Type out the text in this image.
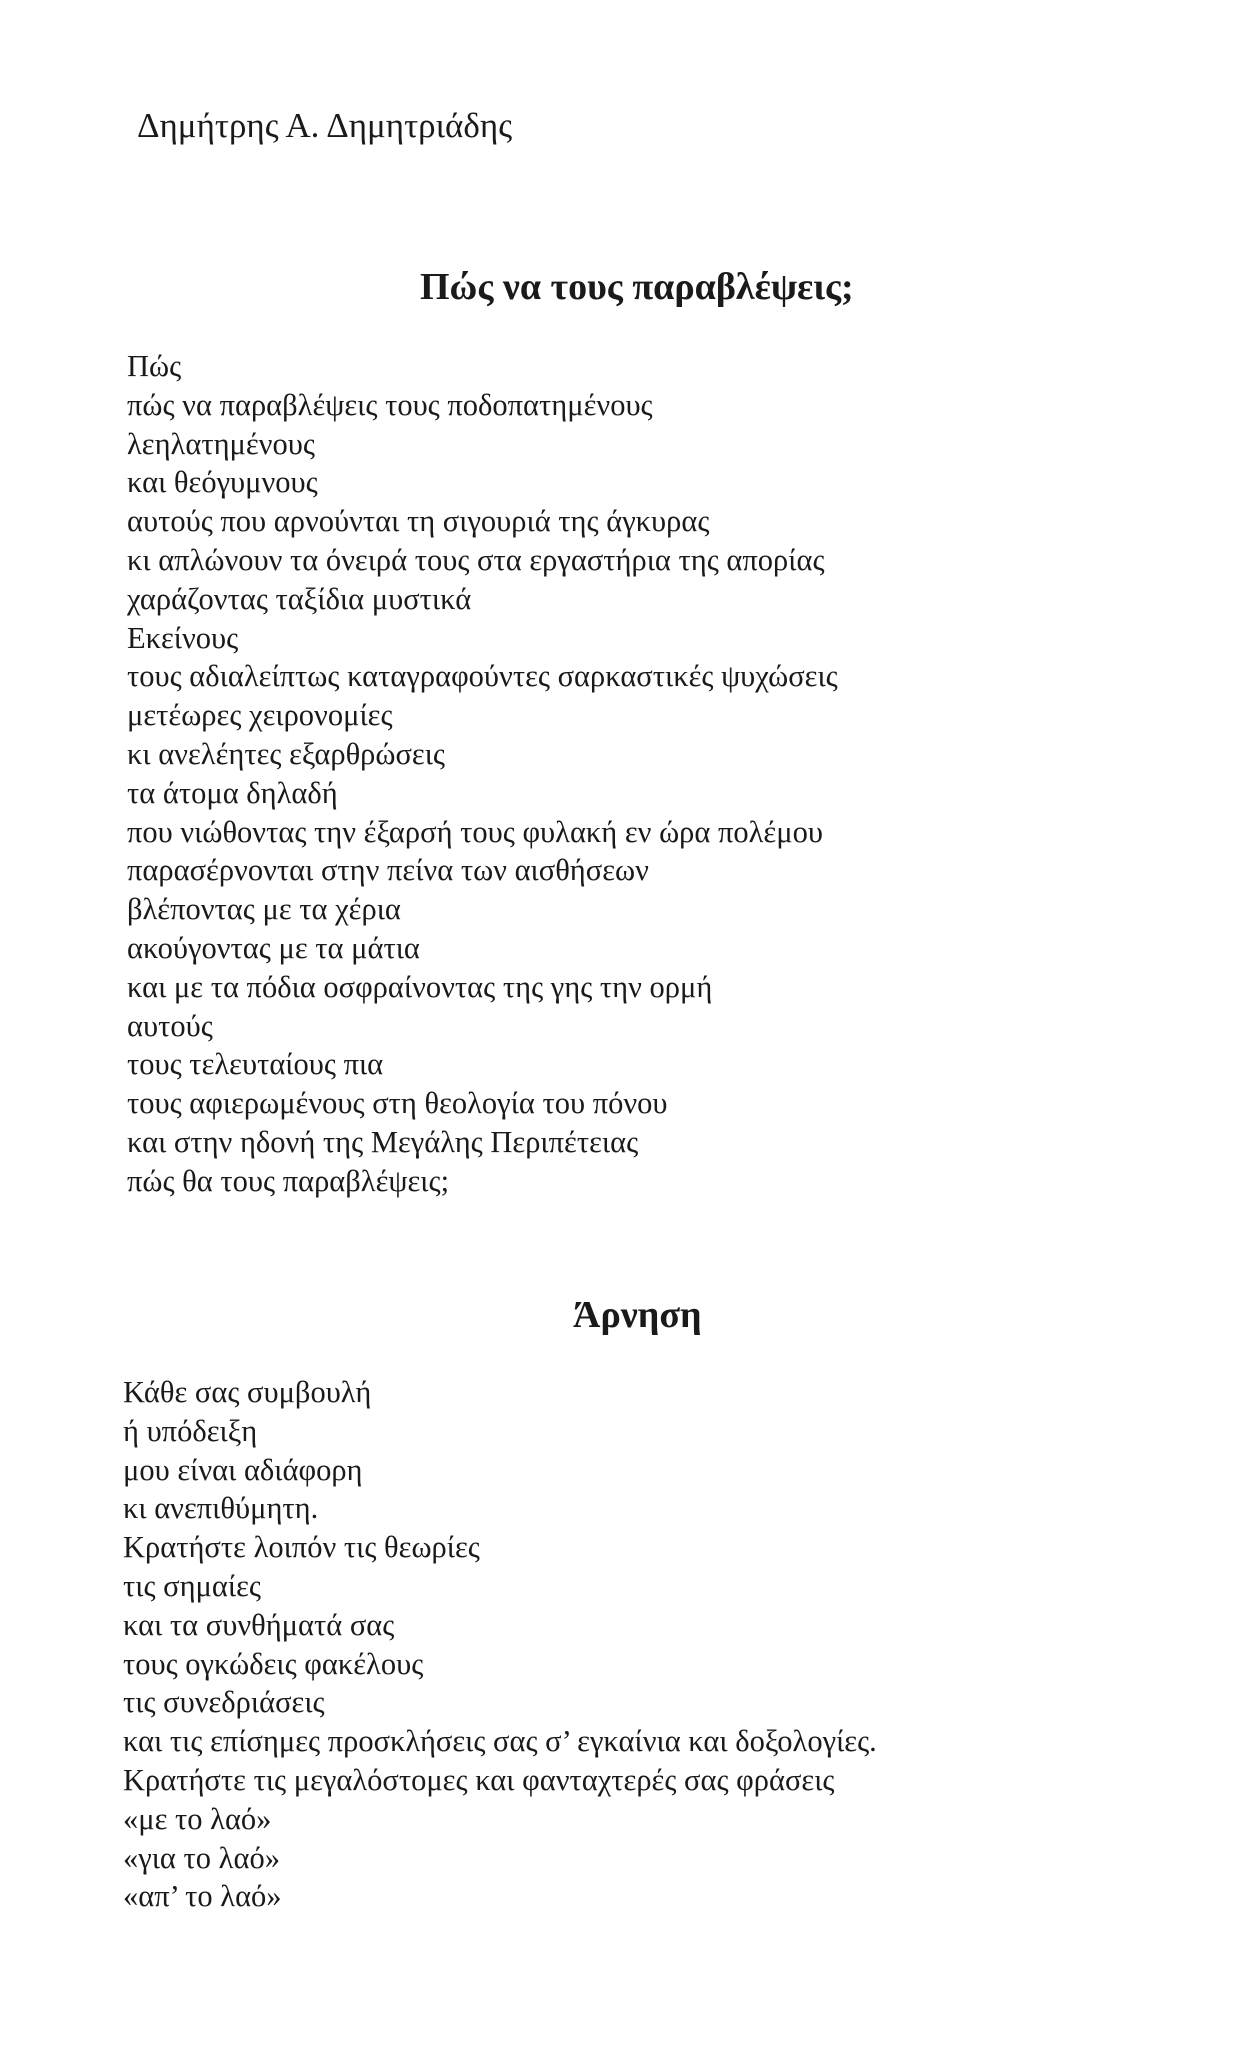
Δημήτρης Α. Δημητριάδης
Πώς να τους παραβλέψεις;
Πώς
πώς να παραβλέψεις τους ποδοπατημένους
λεηλατημένους
και θεόγυμνους
αυτούς που αρνούνται τη σιγουριά της άγκυρας
κι απλώνουν τα όνειρά τους στα εργαστήρια της απορίας
χαράζοντας ταξίδια μυστικά
Εκείνους
τους αδιαλείπτως καταγραφούντες σαρκαστικές ψυχώσεις
μετέωρες χειρονομίες
κι ανελέητες εξαρθρώσεις
τα άτομα δηλαδή
που νιώθοντας την έξαρσή τους φυλακή εν ώρα πολέμου
παρασέρνονται στην πείνα των αισθήσεων
βλέποντας με τα χέρια
ακούγοντας με τα μάτια
και με τα πόδια οσφραίνοντας της γης την ορμή
αυτούς
τους τελευταίους πια
τους αφιερωμένους στη θεολογία του πόνου
και στην ηδονή της Μεγάλης Περιπέτειας
πώς θα τους παραβλέψεις;
Άρνηση
Κάθε σας συμβουλή
ή υπόδειξη
μου είναι αδιάφορη
κι ανεπιθύμητη.
Κρατήστε λοιπόν τις θεωρίες
τις σημαίες
και τα συνθήματά σας
τους ογκώδεις φακέλους
τις συνεδριάσεις
και τις επίσημες προσκλήσεις σας σ’ εγκαίνια και δοξολογίες.
Κρατήστε τις μεγαλόστομες και φανταχτερές σας φράσεις
«με το λαό»
«για το λαό»
«απ’ το λαό»
